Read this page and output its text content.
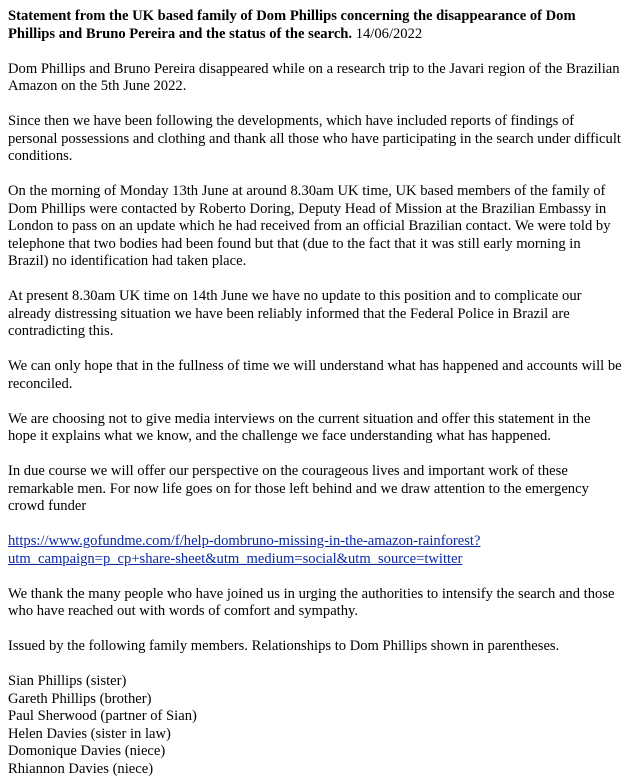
Statement from the UK based family of Dom Phillips concerning the disappearance of Dom Phillips and Bruno Pereira and the status of the search. 14/06/2022

Dom Phillips and Bruno Pereira disappeared while on a research trip to the Javari region of the Brazilian Amazon on the 5th June 2022.

Since then we have been following the developments, which have included reports of findings of personal possessions and clothing and thank all those who have participating in the search under difficult conditions.

On the morning of Monday 13th June at around 8.30am UK time, UK based members of the family of Dom Phillips were contacted by Roberto Doring, Deputy Head of Mission at the Brazilian Embassy in London to pass on an update which he had received from an official Brazilian contact. We were told by telephone that two bodies had been found but that (due to the fact that it was still early morning in Brazil) no identification had taken place.

At present 8.30am UK time on 14th June we have no update to this position and to complicate our already distressing situation we have been reliably informed that the Federal Police in Brazil are contradicting this.

We can only hope that in the fullness of time we will understand what has happened and accounts will be reconciled.

We are choosing not to give media interviews on the current situation and offer this statement in the hope it explains what we know, and the challenge we face understanding what has happened.

In due course we will offer our perspective on the courageous lives and important work of these remarkable men. For now life goes on for those left behind and we draw attention to the emergency crowd funder

https://www.gofundme.com/f/help-dombruno-missing-in-the-amazon-rainforest?
utm_campaign=p_cp+share-sheet&utm_medium=social&utm_source=twitter

We thank the many people who have joined us in urging the authorities to intensify the search and those who have reached out with words of comfort and sympathy.

Issued by the following family members. Relationships to Dom Phillips shown in parentheses.

Sian Phillips (sister)
Gareth Phillips (brother)
Paul Sherwood (partner of Sian)
Helen Davies (sister in law)
Domonique Davies (niece)
Rhiannon Davies (niece)
